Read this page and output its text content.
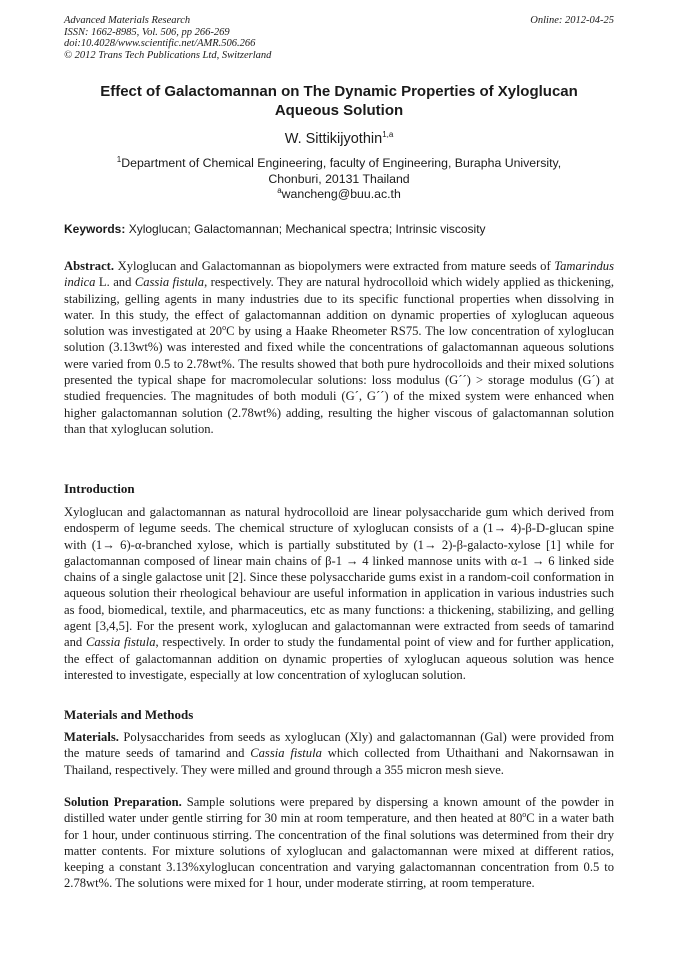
Advanced Materials Research
ISSN: 1662-8985, Vol. 506, pp 266-269
doi:10.4028/www.scientific.net/AMR.506.266
© 2012 Trans Tech Publications Ltd, Switzerland
Online: 2012-04-25
Effect of Galactomannan on The Dynamic Properties of Xyloglucan
Aqueous Solution
W. Sittikijyothin$^{1,a}$
$^1$Department of Chemical Engineering, faculty of Engineering, Burapha University,
Chonburi, 20131 Thailand
$^a$wancheng@buu.ac.th
Keywords: Xyloglucan; Galactomannan; Mechanical spectra; Intrinsic viscosity

Abstract. Xyloglucan and Galactomannan as biopolymers were extracted from mature seeds of Tamarindus indica L. and Cassia fistula, respectively. They are natural hydrocolloid which widely applied as thickening, stabilizing, gelling agents in many industries due to its specific functional properties when dissolving in water. In this study, the effect of galactomannan addition on dynamic properties of xyloglucan aqueous solution was investigated at 20$^o$C by using a Haake Rheometer RS75. The low concentration of xyloglucan solution (3.13wt%) was interested and fixed while the concentrations of galactomannan aqueous solutions were varied from 0.5 to 2.78wt%. The results showed that both pure hydrocolloids and their mixed solutions presented the typical shape for macromolecular solutions: loss modulus (G´´) > storage modulus (G´) at studied frequencies. The magnitudes of both moduli (G´, G´´) of the mixed system were enhanced when higher galactomannan solution (2.78wt%) adding, resulting the higher viscous of galactomannan solution than that xyloglucan solution.

Introduction

Xyloglucan and galactomannan as natural hydrocolloid are linear polysaccharide gum which derived from endosperm of legume seeds. The chemical structure of xyloglucan consists of a (1→ 4)-β-D-glucan spine with (1→ 6)-α-branched xylose, which is partially substituted by (1→ 2)-β-galacto-xylose [1] while for galactomannan composed of linear main chains of β-1 → 4 linked mannose units with α-1 → 6 linked side chains of a single galactose unit [2]. Since these polysaccharide gums exist in a random-coil conformation in aqueous solution their rheological behaviour are useful information in application in various industries such as food, biomedical, textile, and pharmaceutics, etc as many functions: a thickening, stabilizing, and gelling agent [3,4,5]. For the present work, xyloglucan and galactomannan were extracted from seeds of tamarind and Cassia fistula, respectively. In order to study the fundamental point of view and for further application, the effect of galactomannan addition on dynamic properties of xyloglucan aqueous solution was hence interested to investigate, especially at low concentration of xyloglucan solution.

Materials and Methods

Materials. Polysaccharides from seeds as xyloglucan (Xly) and galactomannan (Gal) were provided from the mature seeds of tamarind and Cassia fistula which collected from Uthaithani and Nakornsawan in Thailand, respectively. They were milled and ground through a 355 micron mesh sieve.

Solution Preparation. Sample solutions were prepared by dispersing a known amount of the powder in distilled water under gentle stirring for 30 min at room temperature, and then heated at 80$^o$C in a water bath for 1 hour, under continuous stirring. The concentration of the final solutions was determined from their dry matter contents. For mixture solutions of xyloglucan and galactomannan were mixed at different ratios, keeping a constant 3.13%xyloglucan concentration and varying galactomannan concentration from 0.5 to 2.78wt%. The solutions were mixed for 1 hour, under moderate stirring, at room temperature.
